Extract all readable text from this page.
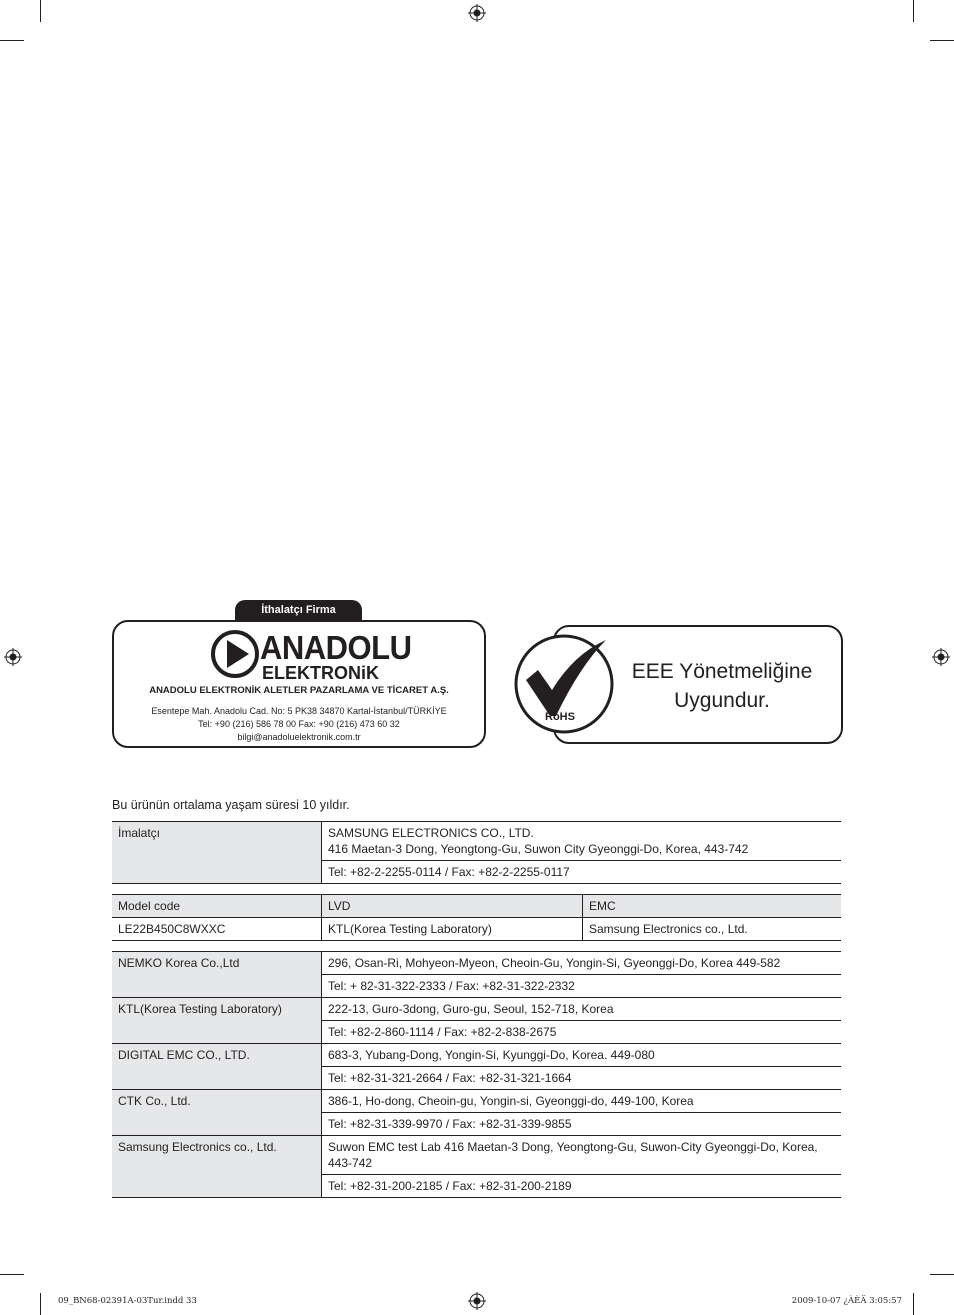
İthalatçı Firma
ANADOLU
ELEKTRONiK
ANADOLU ELEKTRONİK ALETLER PAZARLAMA VE TİCARET A.Ş.
Esentepe Mah. Anadolu Cad. No: 5 PK38 34870 Kartal-İstanbul/TÜRKİYE
Tel: +90 (216) 586 78 00 Fax: +90 (216) 473 60 32
bilgi@anadoluelektronik.com.tr
RoHS
EEE Yönetmeliğine
Uygundur.
Bu ürünün ortalama yaşam süresi 10 yıldır.
İmalatçı	SAMSUNG ELECTRONICS CO., LTD.
416 Maetan-3 Dong, Yeongtong-Gu, Suwon City Gyeonggi-Do, Korea, 443-742

Tel: +82-2-2255-0114 / Fax: +82-2-2255-0117
Model code	LVD	EMC
LE22B450C8WXXC	KTL(Korea Testing Laboratory)	Samsung Electronics co., Ltd.
NEMKO Korea Co.,Ltd	296, Osan-Ri, Mohyeon-Myeon, Cheoin-Gu, Yongin-Si, Gyeonggi-Do, Korea 449-582
	Tel: + 82-31-322-2333 / Fax: +82-31-322-2332
KTL(Korea Testing Laboratory)	222-13, Guro-3dong, Guro-gu, Seoul, 152-718, Korea
	Tel: +82-2-860-1114 / Fax: +82-2-838-2675
DIGITAL EMC CO., LTD.	683-3, Yubang-Dong, Yongin-Si, Kyunggi-Do, Korea. 449-080
	Tel: +82-31-321-2664 / Fax: +82-31-321-1664
CTK Co., Ltd.	386-1, Ho-dong, Cheoin-gu, Yongin-si, Gyeonggi-do, 449-100, Korea
	Tel: +82-31-339-9970 / Fax: +82-31-339-9855
Samsung Electronics co., Ltd.	Suwon EMC test Lab 416 Maetan-3 Dong, Yeongtong-Gu, Suwon-City Gyeonggi-Do, Korea, 443-742
	Tel: +82-31-200-2185 / Fax: +82-31-200-2189
09_BN68-02391A-03Tur.indd 33	2009-10-07 ¿ÀÈÄ 3:05:57
